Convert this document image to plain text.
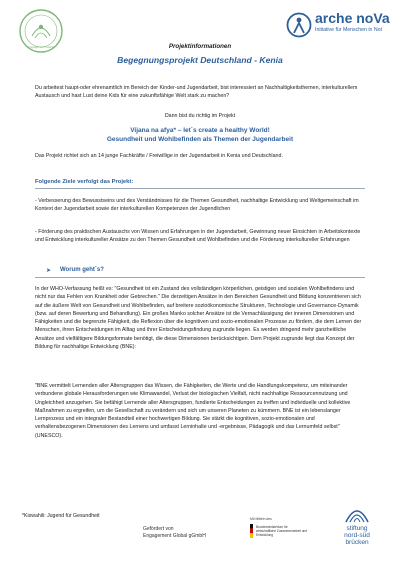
Engagement Global
arche noVa
Initiative für Menschen in Not
Projektinformationen
Begegnungsprojekt Deutschland - Kenia
Du arbeitest haupt-oder ehrenamtlich im Bereich der Kinder-und Jugendarbeit, bist interessiert an Nachhaltigkeitsthemen, interkulturellem Austausch und hast Lust deine Kids für eine zukunftsfähige Welt stark zu machen?
Dann bist du richtig im Projekt
Vijana na afya* – let´s create a healthy World!
Gesundheit und Wohlbefinden als Themen der Jugendarbeit
Das Projekt richtet sich an 14 junge Fachkräfte / Freiwillige in der Jugendarbeit in Kenia und Deutschland.
Folgende Ziele verfolgt das Projekt:
- Verbesserung des Bewusstseins und des Verständnisses für die Themen Gesundheit, nachhaltige Entwicklung und Weltgemeinschaft im Kontext der Jugendarbeit sowie der interkulturellen Kompetenzen der Jugendlichen
- Förderung des praktischen Austauschs von Wissen und Erfahrungen in der Jugendarbeit, Gewinnung neuer Einsichten in Arbeitskontexte und Entwicklung interkultureller Ansätze zu den Themen Gesundheit und Wohlbefinden und die Förderung interkultureller Erfahrungen
➤ Worum geht´s?
In der WHO-Verfassung heißt es: "Gesundheit ist ein Zustand des vollständigen körperlichen, geistigen und sozialen Wohlbefindens und nicht nur das Fehlen von Krankheit oder Gebrechen." Die derzeitigen Ansätze in den Bereichen Gesundheit und Bildung konzentrieren sich auf die äußere Welt von Gesundheit und Wohlbefinden, auf breitere sozioökonomische Strukturen, Technologie und Governance-Dynamik (bzw. auf deren Bewertung und Behandlung). Ein großes Manko solcher Ansätze ist die Vernachlässigung der inneren Dimensionen und Fähigkeiten und die begrenzte Fähigkeit, die Reflexion über die kognitiven und sozio-emotionalen Prozesse zu fördern, die dem Lernen der Menschen, ihren Entscheidungen im Alltag und ihrer Entscheidungsfindung zugrunde liegen. Es werden dringend mehr ganzheitliche Ansätze und vielfältigere Bildungsformate benötigt, die diese Dimensionen berücksichtigen. Dem Projekt zugrunde liegt das Konzept der Bildung für nachhaltige Entwicklung (BNE):
"BNE vermittelt Lernenden aller Altersgruppen das Wissen, die Fähigkeiten, die Werte und die Handlungskompetenz, um miteinander verbundene globale Herausforderungen wie Klimawandel, Verlust der biologischen Vielfalt, nicht nachhaltige Ressourcennutzung und Ungleichheit anzugehen. Sie befähigt Lernende aller Altersgruppen, fundierte Entscheidungen zu treffen und individuelle und kollektive Maßnahmen zu ergreifen, um die Gesellschaft zu verändern und sich um unseren Planeten zu kümmern. BNE ist ein lebenslanger Lernprozess und ein integraler Bestandteil einer hochwertigen Bildung. Sie stärkt die kognitiven, sozio-emotionalen und verhaltensbezogenen Dimensionen des Lernens und umfasst Lerninhalte und -ergebnisse, Pädagogik und das Lernumfeld selbst" (UNESCO).
*Kiswahili: Jugend für Gesundheit
Gefördert von
Engagement Global gGmbH
Mit Mitteln des
Bundesministerium für wirtschaftliche Zusammenarbeit und Entwicklung
stiftung
nord-süd
brücken
